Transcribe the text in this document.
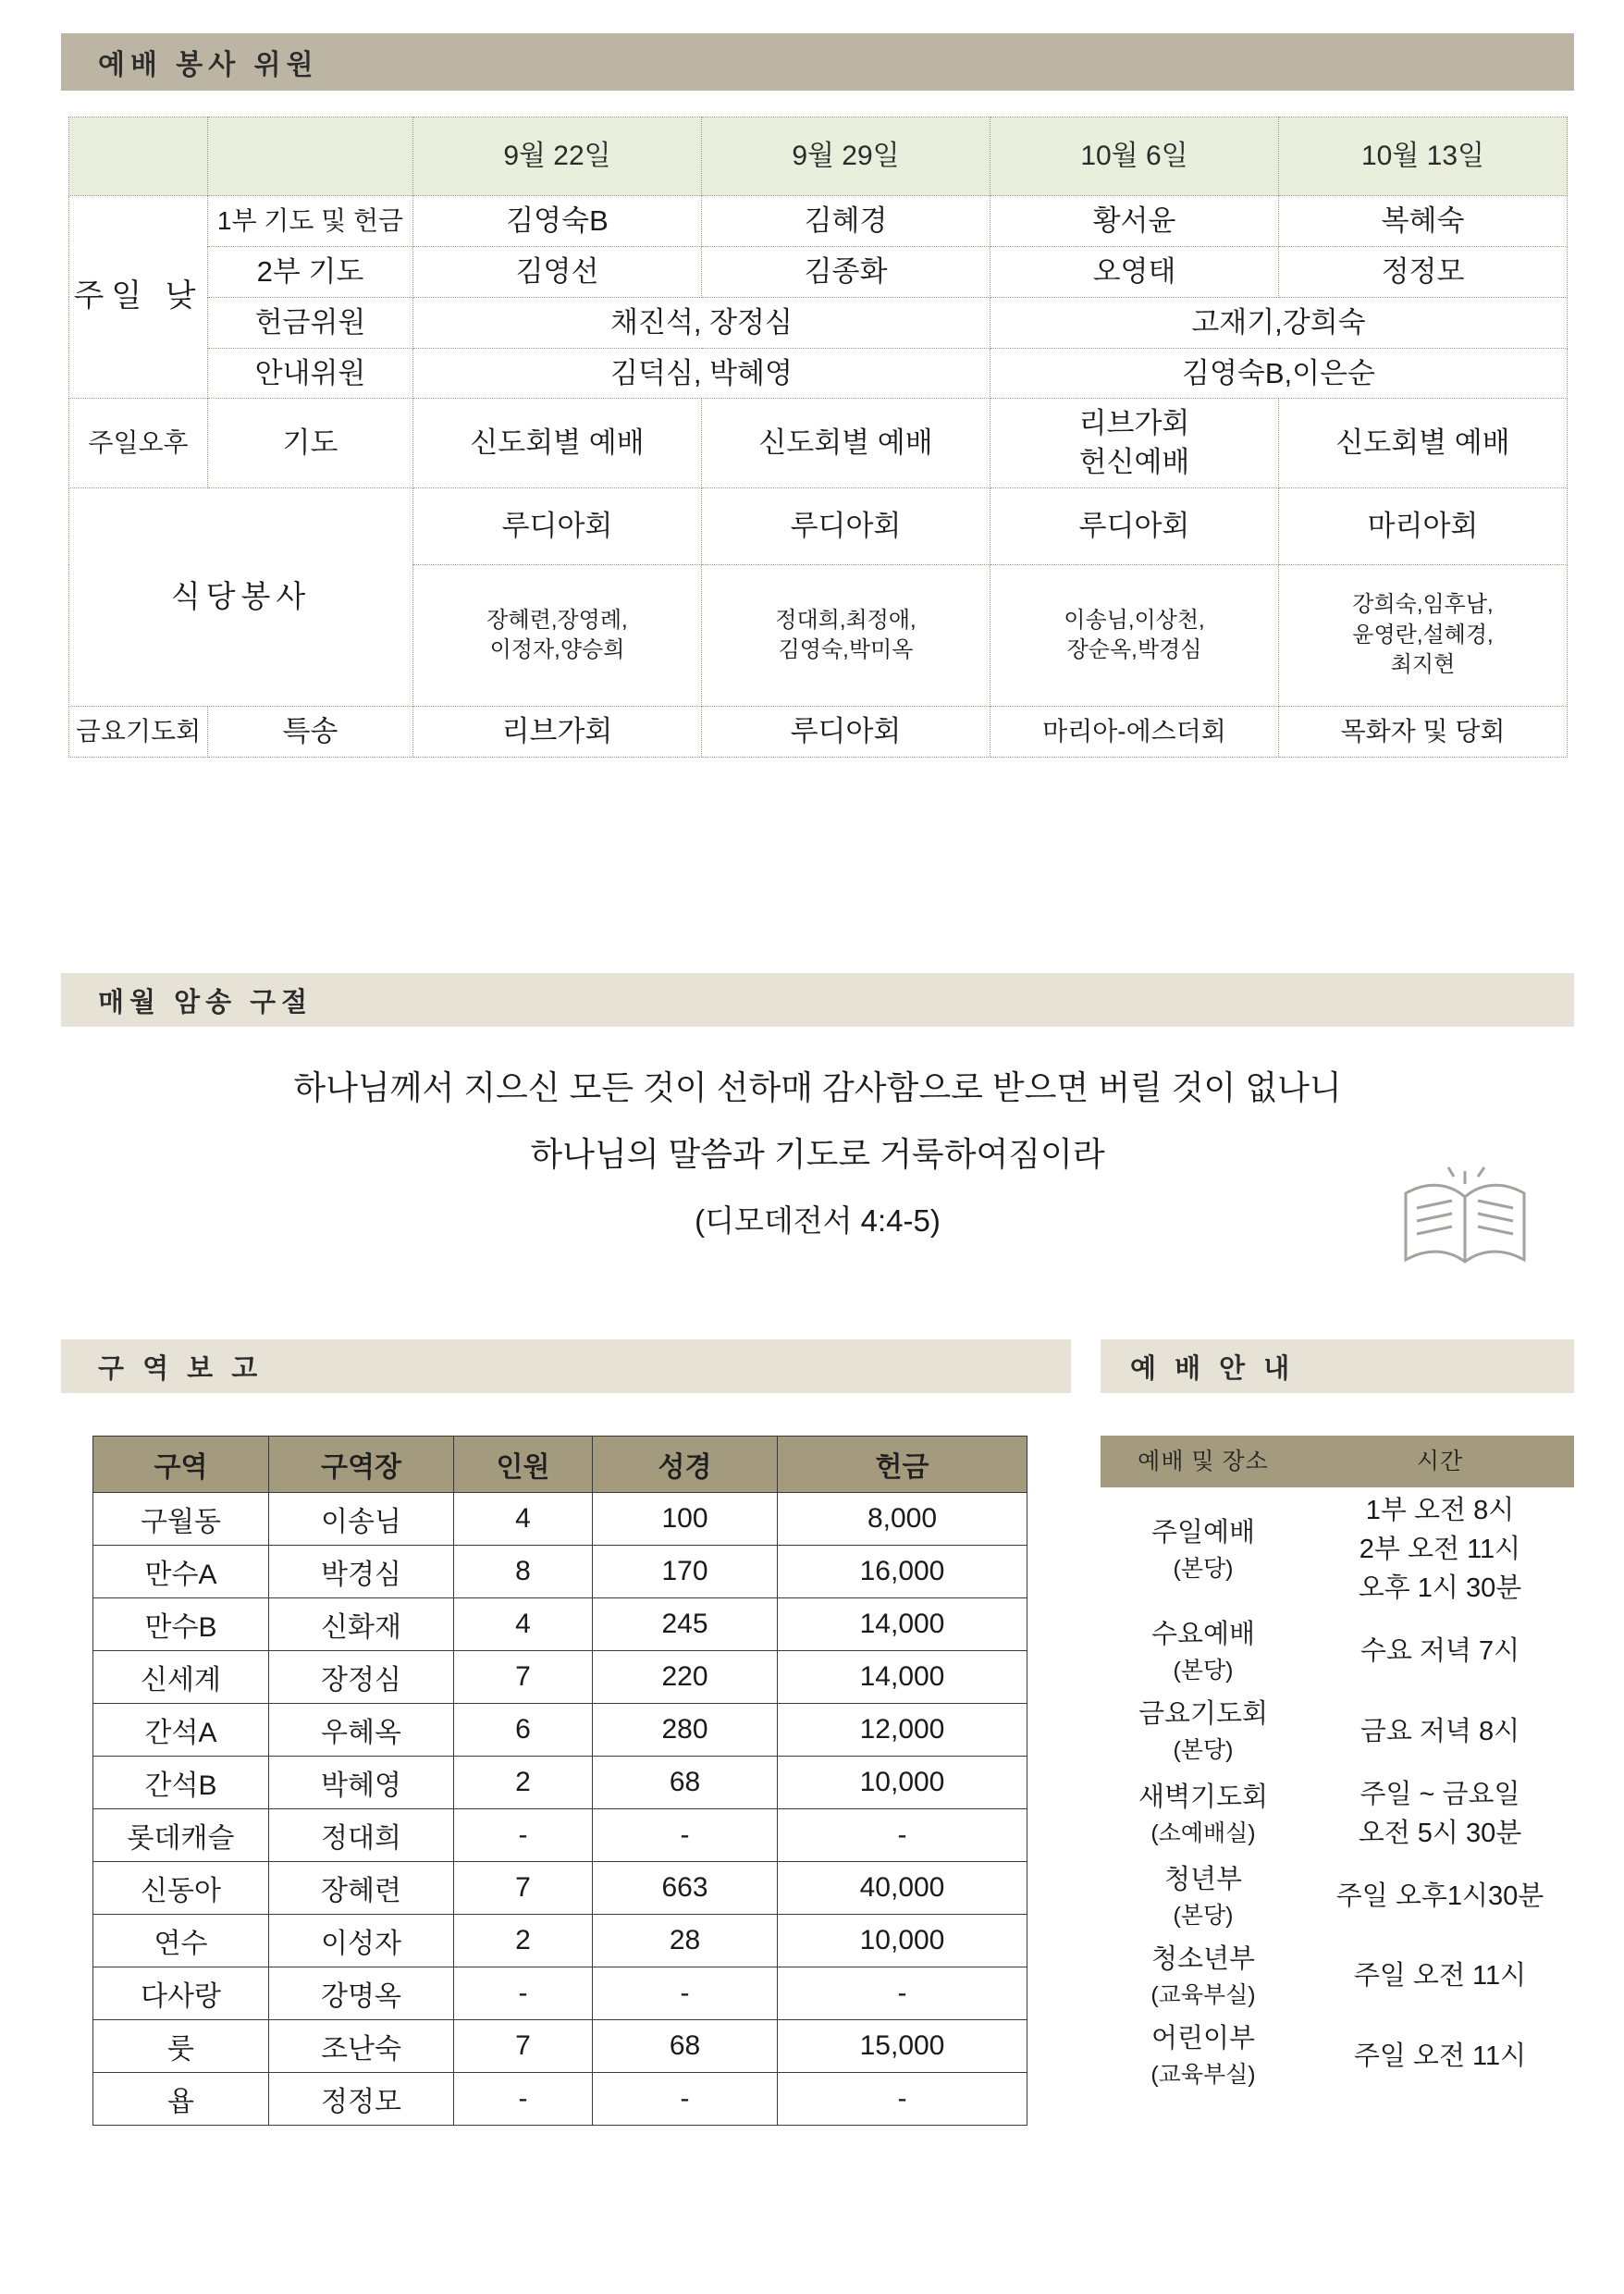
예배 봉사 위원
		9월 22일	9월 29일	10월 6일	10월 13일
주일 낮	1부 기도 및 헌금	김영숙B	김혜경	황서윤	복혜숙
	2부 기도	김영선	김종화	오영태	정정모
	헌금위원	채진석, 장정심		고재기,강희숙	
	안내위원	김덕심, 박혜영		김영숙B,이은순	
주일오후	기도	신도회별 예배	신도회별 예배	리브가회
헌신예배	신도회별 예배
식당봉사		루디아회	루디아회	루디아회	마리아회
		장혜련,장영례,
이정자,양승희	정대희,최정애,
김영숙,박미옥	이송님,이상천,
장순옥,박경심	강희숙,임후남,
윤영란,설혜경,
최지현
금요기도회	특송	리브가회	루디아회	마리아-에스더회	목화자 및 당회
매월 암송 구절
하나님께서 지으신 모든 것이 선하매 감사함으로 받으면 버릴 것이 없나니
하나님의 말씀과 기도로 거룩하여짐이라
(디모데전서 4:4-5)
구 역 보 고
구역	구역장	인원	성경	헌금
구월동	이송님	4	100	8,000
만수A	박경심	8	170	16,000
만수B	신화재	4	245	14,000
신세계	장정심	7	220	14,000
간석A	우혜옥	6	280	12,000
간석B	박혜영	2	68	10,000
롯데캐슬	정대희	-	-	-
신동아	장혜련	7	663	40,000
연수	이성자	2	28	10,000
다사랑	강명옥	-	-	-
룻	조난숙	7	68	15,000
욥	정정모	-	-	-
예 배 안 내
예배 및 장소	시간

주일예배
(본당)

1부 오전 8시
2부 오전 11시
오후 1시 30분

수요예배
(본당)	수요 저녁 7시

금요기도회
(본당)	금요 저녁 8시

새벽기도회
(소예배실)

주일 ~ 금요일
오전 5시 30분

청년부
(본당)	주일 오후1시30분

청소년부
(교육부실)	주일 오전 11시

어린이부
(교육부실)	주일 오전 11시
